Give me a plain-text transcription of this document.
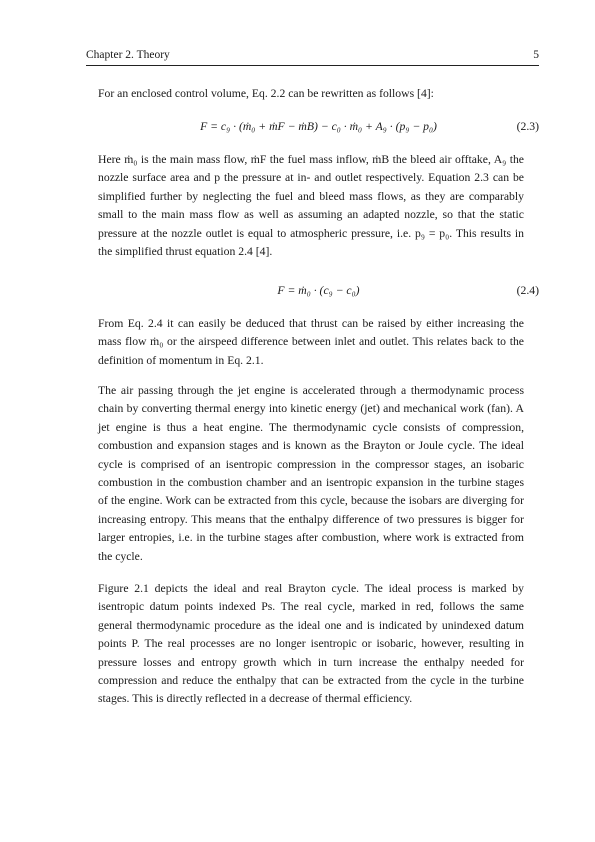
Chapter 2. Theory	5

For an enclosed control volume, Eq. 2.2 can be rewritten as follows [4]:

F = c₉ · (ṁ₀ + ṁF − ṁB) − c₀ · ṁ₀ + A₉ · (p₉ − p₀)	(2.3)

Here ṁ₀ is the main mass flow, ṁF the fuel mass inflow, ṁB the bleed air offtake, A₉ the nozzle surface area and p the pressure at in- and outlet respectively. Equation 2.3 can be simplified further by neglecting the fuel and bleed mass flows, as they are comparably small to the main mass flow as well as assuming an adapted nozzle, so that the static pressure at the nozzle outlet is equal to atmospheric pressure, i.e. p₉ = p₀. This results in the simplified thrust equation 2.4 [4].

F = ṁ₀ · (c₉ − c₀)	(2.4)

From Eq. 2.4 it can easily be deduced that thrust can be raised by either increasing the mass flow ṁ₀ or the airspeed difference between inlet and outlet. This relates back to the definition of momentum in Eq. 2.1.

The air passing through the jet engine is accelerated through a thermodynamic process chain by converting thermal energy into kinetic energy (jet) and mechanical work (fan). A jet engine is thus a heat engine. The thermodynamic cycle consists of compression, combustion and expansion stages and is known as the Brayton or Joule cycle. The ideal cycle is comprised of an isentropic compression in the compressor stages, an isobaric combustion in the combustion chamber and an isentropic expansion in the turbine stages of the engine. Work can be extracted from this cycle, because the isobars are diverging for increasing entropy. This means that the enthalpy difference of two pressures is bigger for larger entropies, i.e. in the turbine stages after combustion, where work is extracted from the cycle.

Figure 2.1 depicts the ideal and real Brayton cycle. The ideal process is marked by isentropic datum points indexed Ps. The real cycle, marked in red, follows the same general thermodynamic procedure as the ideal one and is indicated by unindexed datum points P. The real processes are no longer isentropic or isobaric, however, resulting in pressure losses and entropy growth which in turn increase the enthalpy needed for compression and reduce the enthalpy that can be extracted from the cycle in the turbine stages. This is directly reflected in a decrease of thermal efficiency.
